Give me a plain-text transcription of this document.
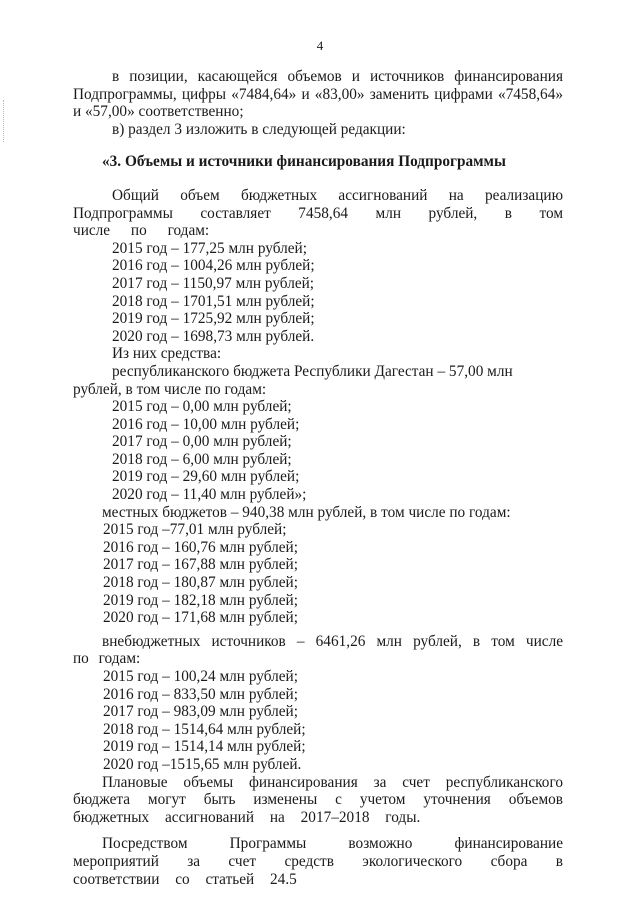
4

в позиции, касающейся объемов и источников финансирования Подпрограммы, цифры «7484,64» и «83,00» заменить цифрами «7458,64» и «57,00» соответственно;

в) раздел 3 изложить в следующей редакции:

«3. Объемы и источники финансирования Подпрограммы

Общий объем бюджетных ассигнований на реализацию Подпрограммы составляет 7458,64 млн рублей, в том числе по годам:

2015 год – 177,25 млн рублей;

2016 год – 1004,26 млн рублей;

2017 год – 1150,97 млн рублей;

2018 год – 1701,51 млн рублей;

2019 год – 1725,92 млн рублей;

2020 год – 1698,73 млн рублей.

Из них средства:

республиканского бюджета Республики Дагестан – 57,00 млн рублей, в том числе по годам:

2015 год – 0,00 млн рублей;

2016 год – 10,00 млн рублей;

2017 год – 0,00 млн рублей;

2018 год – 6,00 млн рублей;

2019 год – 29,60 млн рублей;

2020 год – 11,40 млн рублей»;

местных бюджетов – 940,38 млн рублей, в том числе по годам:

2015 год –77,01 млн рублей;

2016 год – 160,76 млн рублей;

2017 год – 167,88 млн рублей;

2018 год – 180,87 млн рублей;

2019 год – 182,18 млн рублей;

2020 год – 171,68 млн рублей;

внебюджетных источников – 6461,26 млн рублей, в том числе по годам:

2015 год – 100,24 млн рублей;

2016 год – 833,50 млн рублей;

2017 год – 983,09 млн рублей;

2018 год – 1514,64 млн рублей;

2019 год – 1514,14 млн рублей;

2020 год –1515,65 млн рублей.

Плановые объемы финансирования за счет республиканского бюджета могут быть изменены с учетом уточнения объемов бюджетных ассигнований на 2017–2018 годы.

Посредством Программы возможно финансирование мероприятий за счет средств экологического сбора в соответствии со статьей 24.5
